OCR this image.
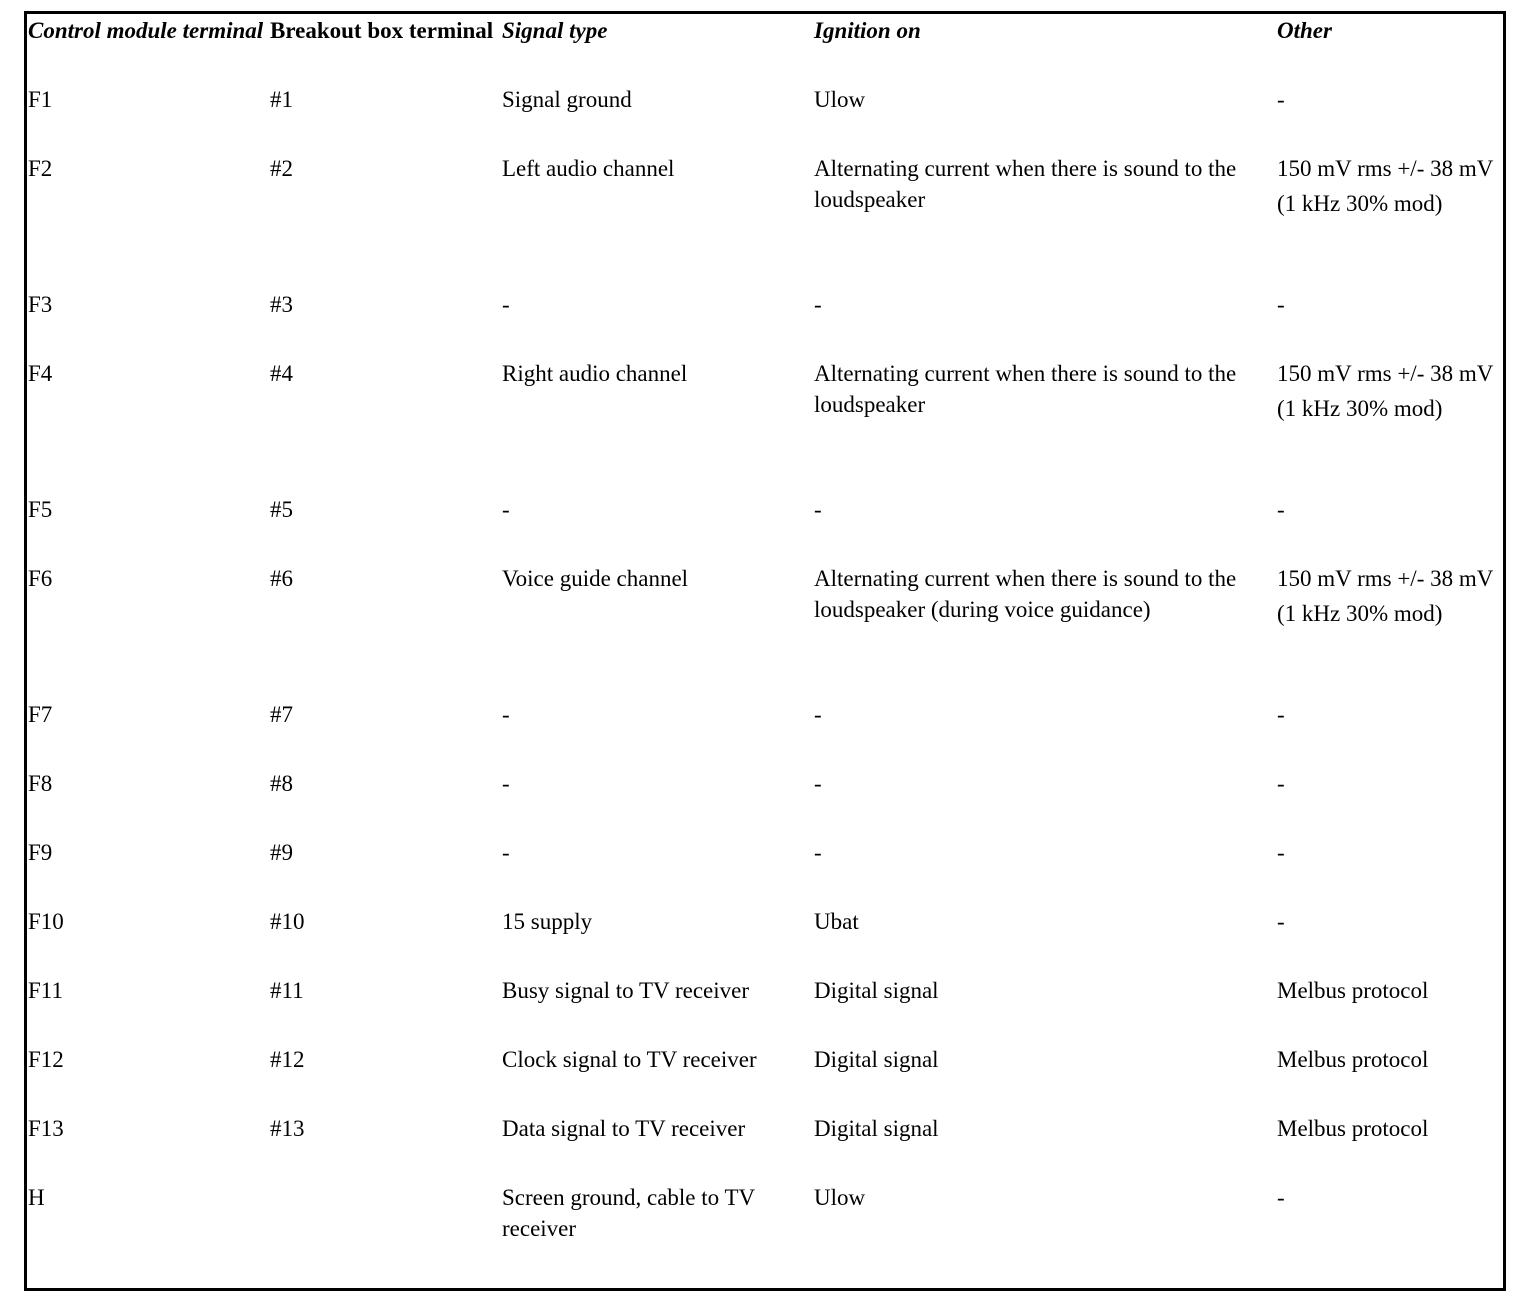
Control module terminal	Breakout box terminal	Signal type	Ignition on	Other
F1	#1	Signal ground	Ulow	-
F2	#2	Left audio channel	Alternating current when there is sound to the loudspeaker	150 mV rms +/- 38 mV
(1 kHz 30% mod)

F3	#3	-	-	-
F4	#4	Right audio channel	Alternating current when there is sound to the loudspeaker	150 mV rms +/- 38 mV
(1 kHz 30% mod)

F5	#5	-	-	-
F6	#6	Voice guide channel	Alternating current when there is sound to the loudspeaker (during voice guidance)	150 mV rms +/- 38 mV
(1 kHz 30% mod)

F7	#7	-	-	-
F8	#8	-	-	-
F9	#9	-	-	-
F10	#10	15 supply	Ubat	-
F11	#11	Busy signal to TV receiver	Digital signal	Melbus protocol
F12	#12	Clock signal to TV receiver	Digital signal	Melbus protocol
F13	#13	Data signal to TV receiver	Digital signal	Melbus protocol
H		Screen ground, cable to TV receiver	Ulow	-
